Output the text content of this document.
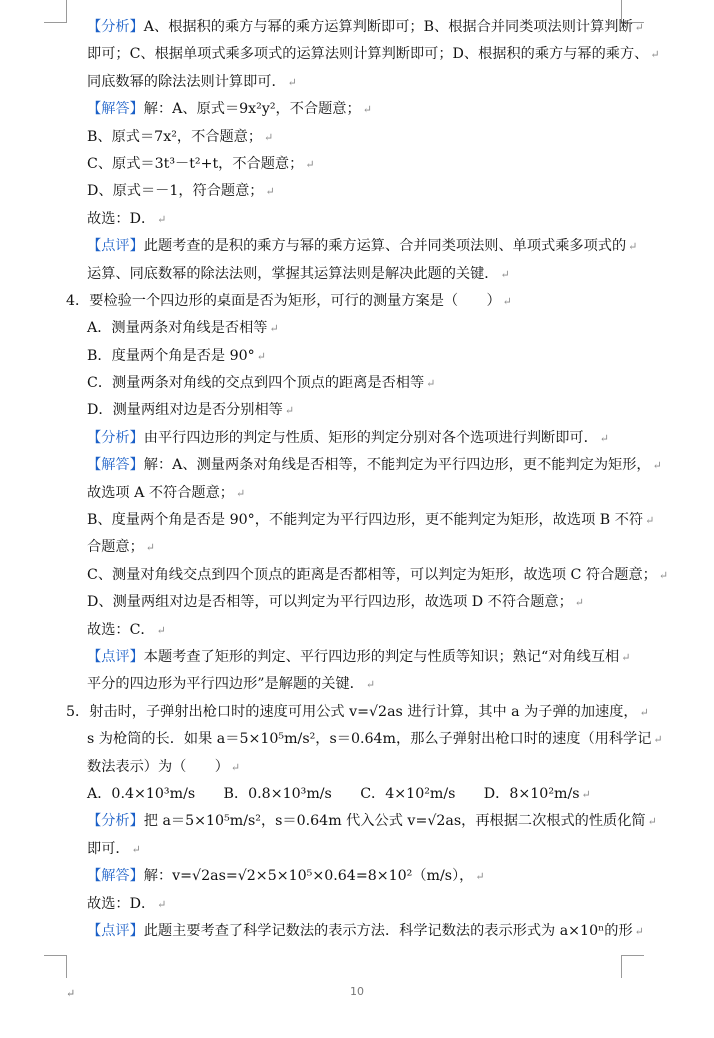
【分析】A、根据积的乘方与幂的乘方运算判断即可；B、根据合并同类项法则计算判断 ↵
即可；C、根据单项式乘多项式的运算法则计算判断即可；D、根据积的乘方与幂的乘方、 ↵
同底数幂的除法法则计算即可． ↵
【解答】解：A、原式＝9x²y²，不合题意； ↵
B、原式＝7x²，不合题意； ↵
C、原式＝3t³－t²+t，不合题意； ↵
D、原式＝－1，符合题意； ↵
故选：D． ↵
【点评】此题考查的是积的乘方与幂的乘方运算、合并同类项法则、单项式乘多项式的 ↵
运算、同底数幂的除法法则，掌握其运算法则是解决此题的关键． ↵
4．要检验一个四边形的桌面是否为矩形，可行的测量方案是（　　） ↵
A．测量两条对角线是否相等 ↵
B．度量两个角是否是 90° ↵
C．测量两条对角线的交点到四个顶点的距离是否相等 ↵
D．测量两组对边是否分别相等 ↵
【分析】由平行四边形的判定与性质、矩形的判定分别对各个选项进行判断即可． ↵
【解答】解：A、测量两条对角线是否相等，不能判定为平行四边形，更不能判定为矩形， ↵
故选项 A 不符合题意； ↵
B、度量两个角是否是 90°，不能判定为平行四边形，更不能判定为矩形，故选项 B 不符 ↵
合题意； ↵
C、测量对角线交点到四个顶点的距离是否都相等，可以判定为矩形，故选项 C 符合题意； ↵
D、测量两组对边是否相等，可以判定为平行四边形，故选项 D 不符合题意； ↵
故选：C． ↵
【点评】本题考查了矩形的判定、平行四边形的判定与性质等知识；熟记“对角线互相 ↵
平分的四边形为平行四边形”是解题的关键． ↵
5．射击时，子弹射出枪口时的速度可用公式 v=√2as 进行计算，其中 a 为子弹的加速度， ↵
s 为枪筒的长．如果 a＝5×10⁵m/s²，s＝0.64m，那么子弹射出枪口时的速度（用科学记 ↵
数法表示）为（　　） ↵
A．0.4×10³m/s　　B．0.8×10³m/s　　C．4×10²m/s　　D．8×10²m/s ↵
【分析】把 a＝5×10⁵m/s²，s＝0.64m 代入公式 v=√2as，再根据二次根式的性质化简 ↵
即可． ↵
【解答】解：v=√2as=√2×5×10⁵×0.64=8×10²（m/s）， ↵
故选：D． ↵
【点评】此题主要考查了科学记数法的表示方法．科学记数法的表示形式为 a×10ⁿ的形 ↵
↵	10
